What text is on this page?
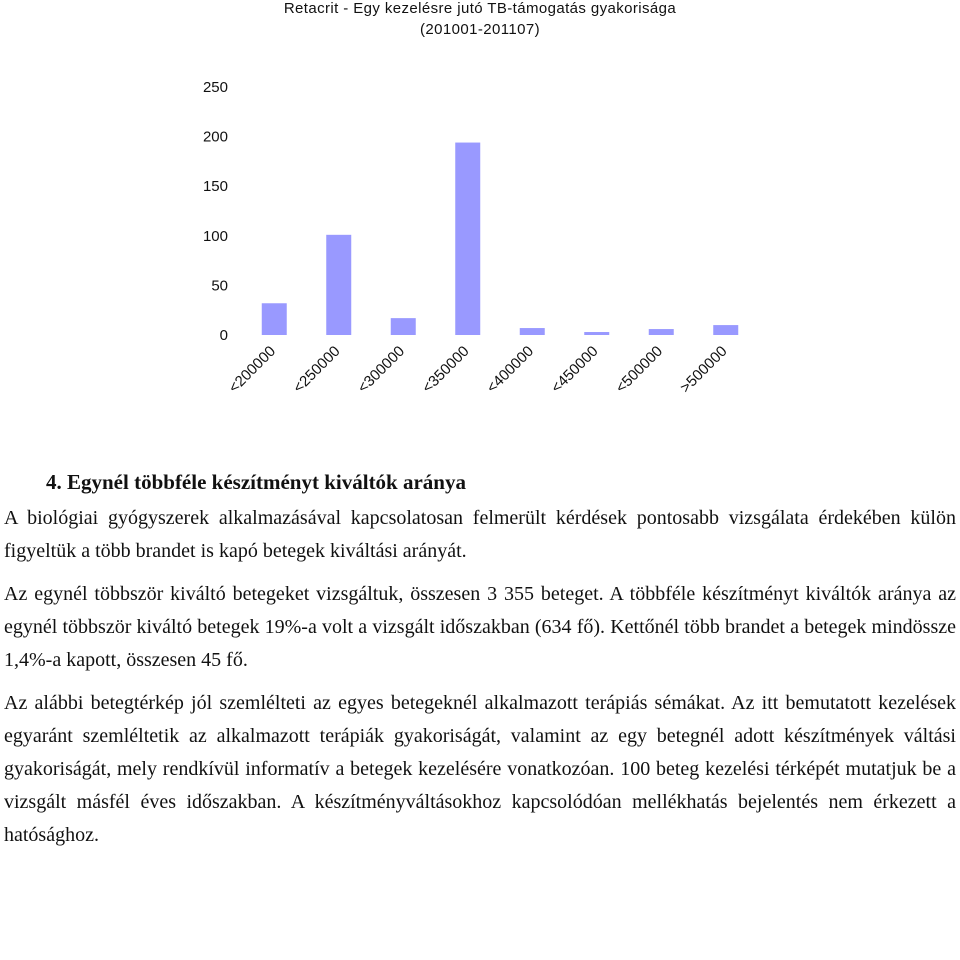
Retacrit - Egy kezelésre jutó TB-támogatás gyakorisága
(201001-201107)
250
200
150
100
50
0
<200000 <250000 <300000 <350000 <400000 <450000 <500000 >500000
4. Egynél többféle készítményt kiváltók aránya

A biológiai gyógyszerek alkalmazásával kapcsolatosan felmerült kérdések pontosabb vizsgálata érdekében külön figyeltük a több brandet is kapó betegek kiváltási arányát.

Az egynél többször kiváltó betegeket vizsgáltuk, összesen 3 355 beteget. A többféle készítményt kiváltók aránya az egynél többször kiváltó betegek 19%-a volt a vizsgált időszakban (634 fő). Kettőnél több brandet a betegek mindössze 1,4%-a kapott, összesen 45 fő.

Az alábbi betegtérkép jól szemlélteti az egyes betegeknél alkalmazott terápiás sémákat. Az itt bemutatott kezelések egyaránt szemléltetik az alkalmazott terápiák gyakoriságát, valamint az egy betegnél adott készítmények váltási gyakoriságát, mely rendkívül informatív a betegek kezelésére vonatkozóan. 100 beteg kezelési térképét mutatjuk be a vizsgált másfél éves időszakban. A készítményváltásokhoz kapcsolódóan mellékhatás bejelentés nem érkezett a hatósághoz.
